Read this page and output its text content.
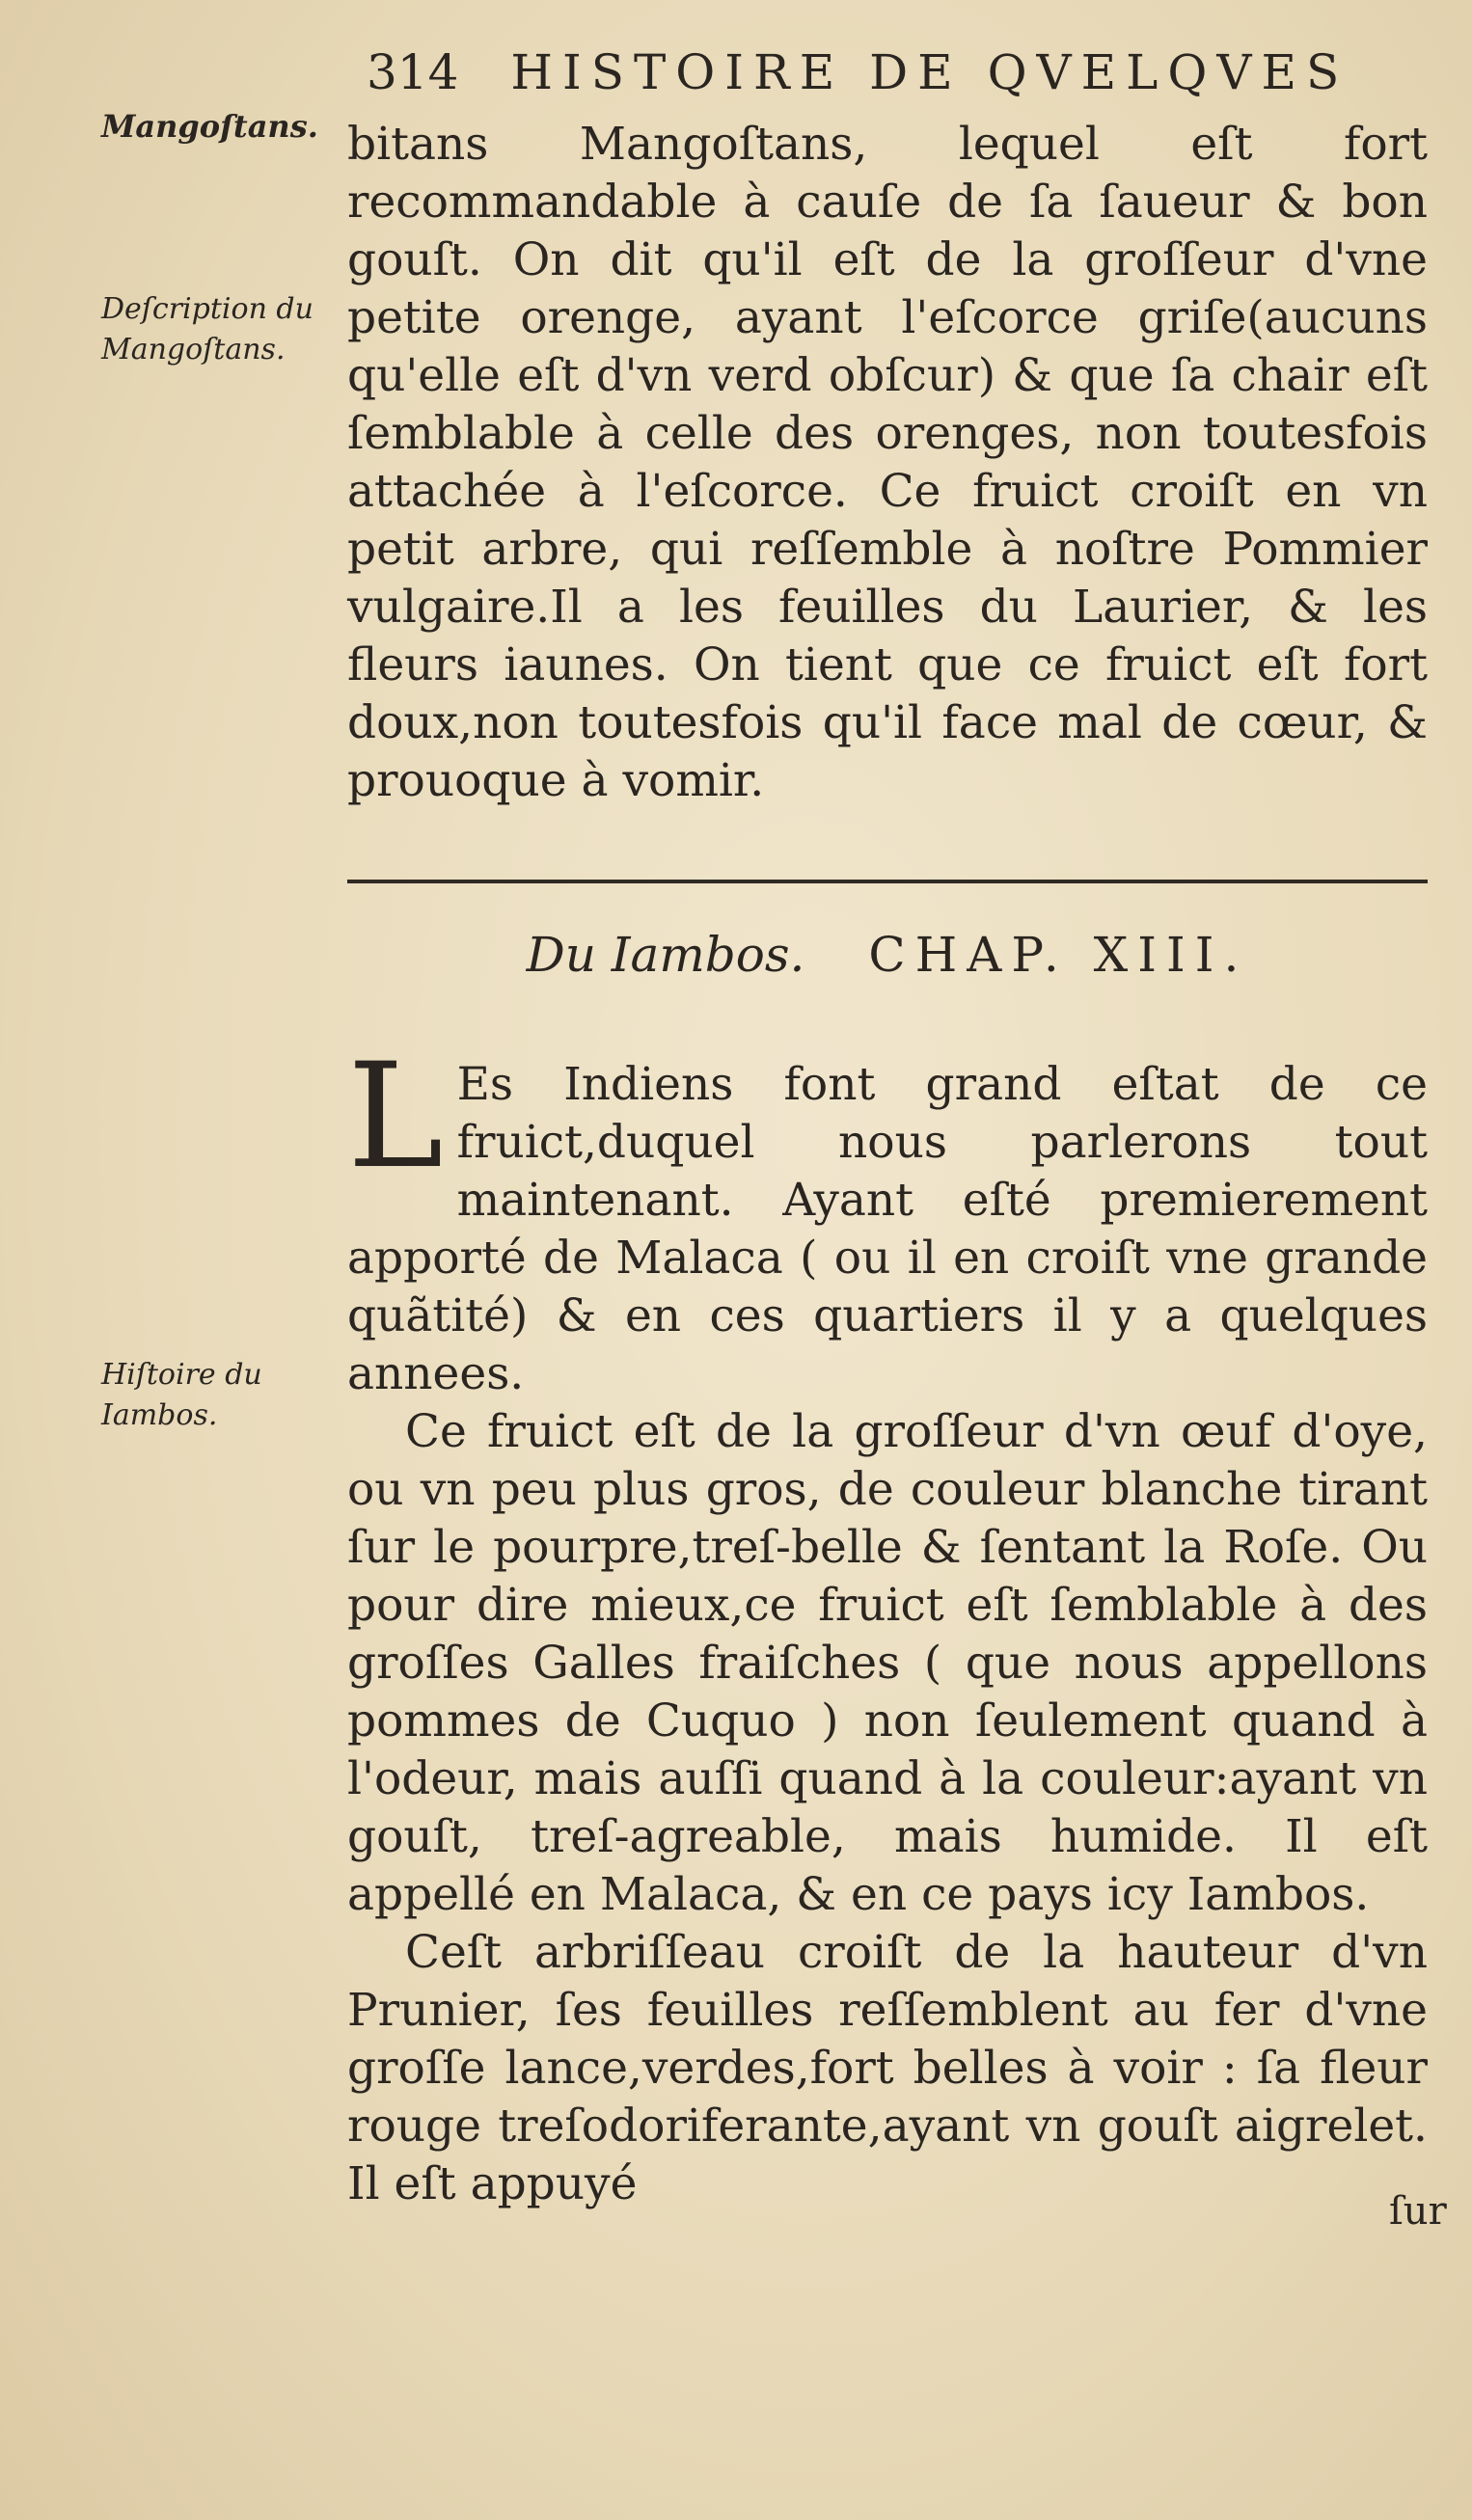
314 HISTOIRE DE QVELQVES
Mangoſtans.
Deſcription du Mangoſtans.
Hiſtoire du Iambos.

bitans Mangoſtans, lequel eſt fort recommandable à cauſe de ſa ſaueur & bon gouſt. On dit qu'il eſt de la groſſeur d'vne petite orenge, ayant l'eſcorce griſe(aucuns qu'elle eſt d'vn verd obſcur) & que ſa chair eſt ſemblable à celle des orenges, non toutesfois attachée à l'eſcorce. Ce fruict croiſt en vn petit arbre, qui reſſemble à noſtre Pommier vulgaire.Il a les feuilles du Laurier, & les fleurs iaunes. On tient que ce fruict eſt fort doux,non toutesfois qu'il face mal de cœur, & prouoque à vomir.

Du Iambos. CHAP. XIII.

L Es Indiens font grand eſtat de ce fruict,duquel nous parlerons tout maintenant. Ayant eſté premierement apporté de Malaca ( ou il en croiſt vne grande quãtité) & en ces quartiers il y a quelques annees.

Ce fruict eſt de la groſſeur d'vn œuf d'oye, ou vn peu plus gros, de couleur blanche tirant ſur le pourpre,treſ-belle & ſentant la Roſe. Ou pour dire mieux,ce fruict eſt ſemblable à des groſſes Galles fraiſches ( que nous appellons pommes de Cuquo ) non ſeulement quand à l'odeur, mais auſſi quand à la couleur:ayant vn gouſt, treſ-agreable, mais humide. Il eſt appellé en Malaca, & en ce pays icy Iambos.

Ceſt arbriſſeau croiſt de la hauteur d'vn Prunier, ſes feuilles reſſemblent au fer d'vne groſſe lance,verdes,fort belles à voir : ſa fleur rouge treſodoriferante,ayant vn gouſt aigrelet. Il eſt appuyé

ſur
